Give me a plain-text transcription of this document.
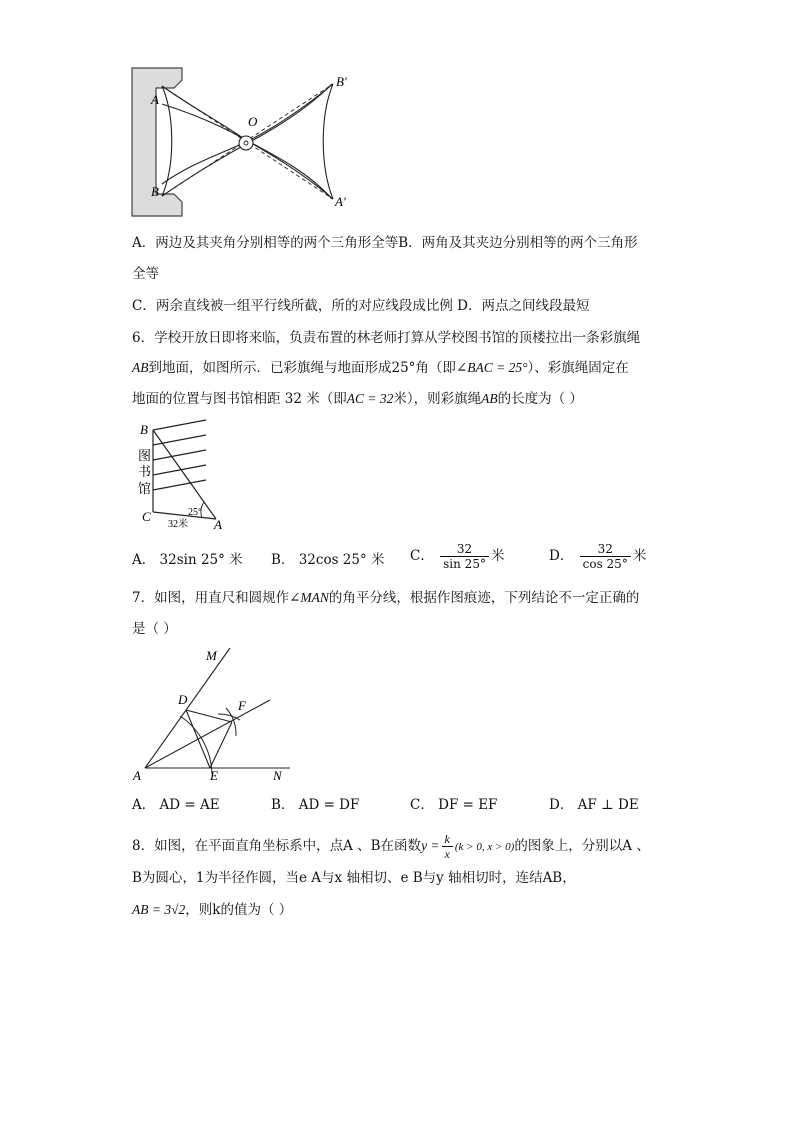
A
B
O
B′
A′
A．两边及其夹角分别相等的两个三角形全等B．两角及其夹边分别相等的两个三角形
全等
C．两余直线被一组平行线所截，所的对应线段成比例 D．两点之间线段最短
6．学校开放日即将来临，负责布置的林老师打算从学校图书馆的顶楼拉出一条彩旗绳
AB到地面，如图所示．已彩旗绳与地面形成25°角（即∠BAC = 25°）、彩旗绳固定在
地面的位置与图书馆相距 32 米（即AC = 32米），则彩旗绳AB的长度为（ ）
B
C
A
图
书
馆
32米
25°
A． 32sin 25° 米 B． 32cos 25° 米 C． $\frac{32}{\sin 25^\circ}$ 米	D． $\frac{32}{\cos 25^\circ}$ 米
7．如图，用直尺和圆规作∠MAN的角平分线，根据作图痕迹，下列结论不一定正确的
是（ ）
M
D	F
A	E	N
A． AD = AE	B． AD = DF	C． DF = EF	D． AF ⊥ DE
8．如图，在平面直角坐标系中，点A 、B在函数$y = \frac{k}{x} (k > 0$, x > 0)的图象上，分别以A 、
B为圆心，1为半径作圆，当e A与x 轴相切、e B与y 轴相切时，连结AB，
AB = 3√2，则k的值为（ ）
